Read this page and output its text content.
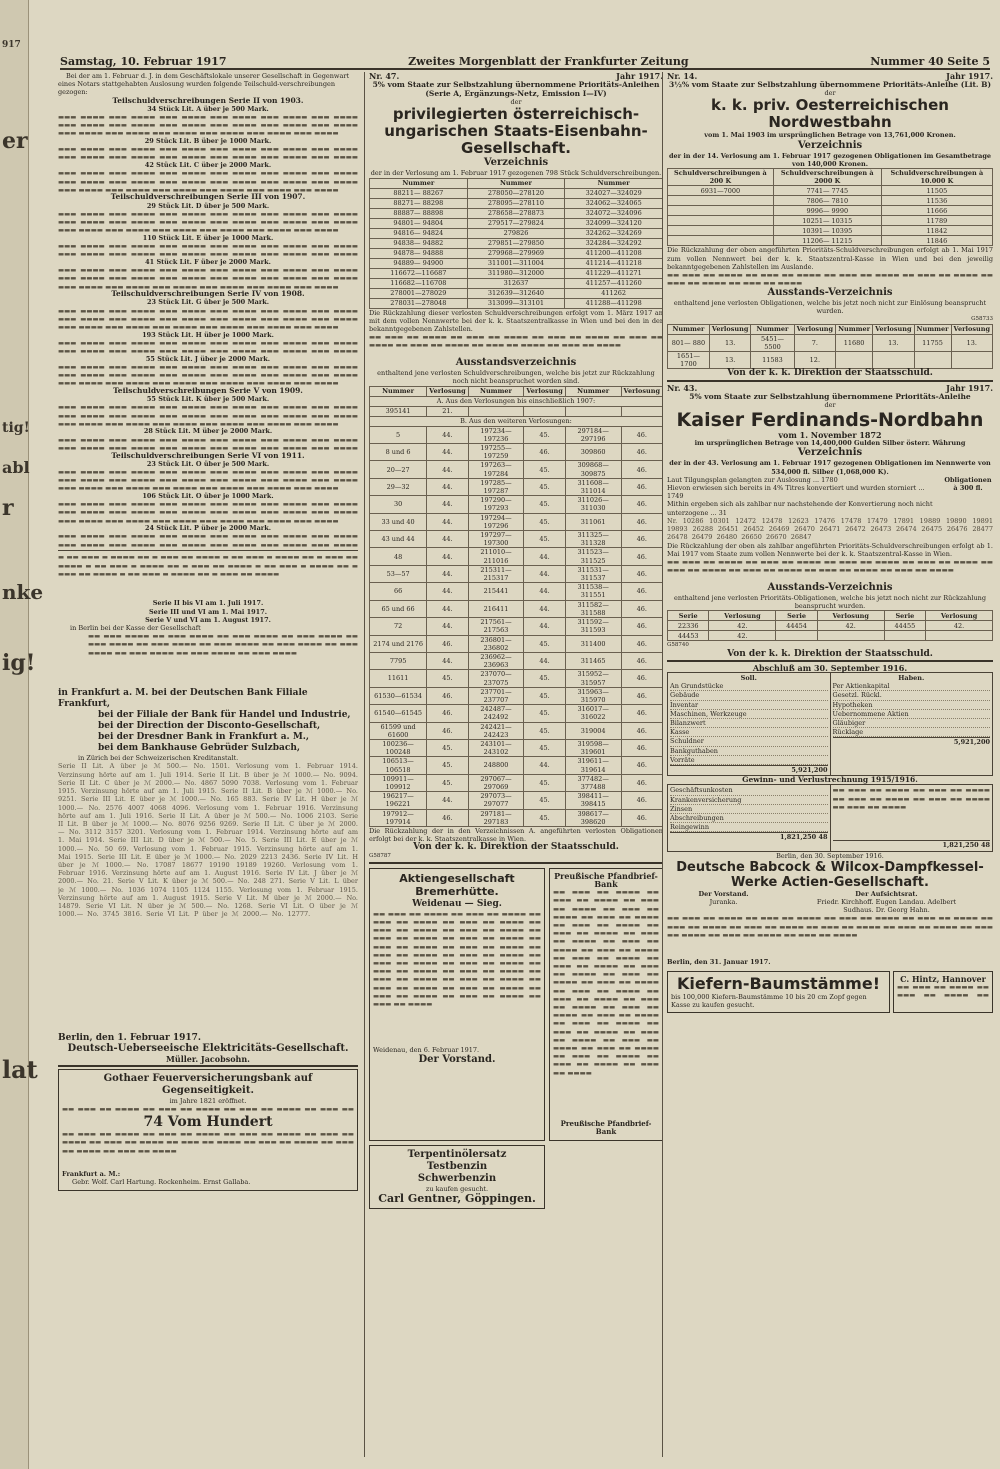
917
er
tig!
abl
r
nke
ig!
lat
Samstag, 10. Februar 1917	Zweites Morgenblatt der Frankfurter Zeitung	Nummer 40 Seite 5
Bei der am 1. Februar d. J. in dem Geschäftslokale unserer Gesellschaft in Gegenwart eines Notars stattgehabten Auslosung wurden folgende Teilschuld-verschreibungen gezogen:
Teilschuldverschreibungen Serie II von 1903.
34 Stück Lit. A über je 500 Mark.
▬▬▬ ▬▬▬▬ ▬▬▬ ▬▬▬▬ ▬▬▬ ▬▬▬▬ ▬▬▬ ▬▬▬▬ ▬▬▬ ▬▬▬▬ ▬▬▬ ▬▬▬▬ ▬▬▬ ▬▬▬▬ ▬▬▬ ▬▬▬▬ ▬▬▬ ▬▬▬▬ ▬▬▬ ▬▬▬▬ ▬▬▬ ▬▬▬▬ ▬▬▬ ▬▬▬▬ ▬▬▬ ▬▬▬▬ ▬▬▬ ▬▬▬▬ ▬▬▬ ▬▬▬▬ ▬▬▬ ▬▬▬▬ ▬▬▬ ▬▬▬▬ ▬▬▬ ▬▬▬▬
29 Stück Lit. B über je 1000 Mark.
▬▬▬ ▬▬▬▬ ▬▬▬ ▬▬▬▬ ▬▬▬ ▬▬▬▬ ▬▬▬ ▬▬▬▬ ▬▬▬ ▬▬▬▬ ▬▬▬ ▬▬▬▬ ▬▬▬ ▬▬▬▬ ▬▬▬ ▬▬▬▬ ▬▬▬ ▬▬▬▬ ▬▬▬ ▬▬▬▬ ▬▬▬ ▬▬▬▬ ▬▬▬ ▬▬▬▬
42 Stück Lit. C über je 2000 Mark.
▬▬▬ ▬▬▬▬ ▬▬▬ ▬▬▬▬ ▬▬▬ ▬▬▬▬ ▬▬▬ ▬▬▬▬ ▬▬▬ ▬▬▬▬ ▬▬▬ ▬▬▬▬ ▬▬▬ ▬▬▬▬ ▬▬▬ ▬▬▬▬ ▬▬▬ ▬▬▬▬ ▬▬▬ ▬▬▬▬ ▬▬▬ ▬▬▬▬ ▬▬▬ ▬▬▬▬ ▬▬▬ ▬▬▬▬ ▬▬▬ ▬▬▬▬ ▬▬▬ ▬▬▬▬ ▬▬▬ ▬▬▬▬ ▬▬▬ ▬▬▬▬ ▬▬▬ ▬▬▬▬
Teilschuldverschreibungen Serie III von 1907.
29 Stück Lit. D über je 500 Mark.
▬▬▬ ▬▬▬▬ ▬▬▬ ▬▬▬▬ ▬▬▬ ▬▬▬▬ ▬▬▬ ▬▬▬▬ ▬▬▬ ▬▬▬▬ ▬▬▬ ▬▬▬▬ ▬▬▬ ▬▬▬▬ ▬▬▬ ▬▬▬▬ ▬▬▬ ▬▬▬▬ ▬▬▬ ▬▬▬▬ ▬▬▬ ▬▬▬▬ ▬▬▬ ▬▬▬▬ ▬▬▬ ▬▬▬▬ ▬▬▬ ▬▬▬▬ ▬▬▬ ▬▬▬▬ ▬▬▬ ▬▬▬▬ ▬▬▬ ▬▬▬▬ ▬▬▬ ▬▬▬▬
110 Stück Lit. E über je 1000 Mark.
▬▬▬ ▬▬▬▬ ▬▬▬ ▬▬▬▬ ▬▬▬ ▬▬▬▬ ▬▬▬ ▬▬▬▬ ▬▬▬ ▬▬▬▬ ▬▬▬ ▬▬▬▬ ▬▬▬ ▬▬▬▬ ▬▬▬ ▬▬▬▬ ▬▬▬ ▬▬▬▬ ▬▬▬ ▬▬▬▬ ▬▬▬ ▬▬▬▬ ▬▬▬ ▬▬▬▬
41 Stück Lit. F über je 2000 Mark.
▬▬▬ ▬▬▬▬ ▬▬▬ ▬▬▬▬ ▬▬▬ ▬▬▬▬ ▬▬▬ ▬▬▬▬ ▬▬▬ ▬▬▬▬ ▬▬▬ ▬▬▬▬ ▬▬▬ ▬▬▬▬ ▬▬▬ ▬▬▬▬ ▬▬▬ ▬▬▬▬ ▬▬▬ ▬▬▬▬ ▬▬▬ ▬▬▬▬ ▬▬▬ ▬▬▬▬ ▬▬▬ ▬▬▬▬ ▬▬▬ ▬▬▬▬ ▬▬▬ ▬▬▬▬ ▬▬▬ ▬▬▬▬ ▬▬▬ ▬▬▬▬ ▬▬▬ ▬▬▬▬
Teilschuldverschreibungen Serie IV von 1908.
23 Stück Lit. G über je 500 Mark.
▬▬▬ ▬▬▬▬ ▬▬▬ ▬▬▬▬ ▬▬▬ ▬▬▬▬ ▬▬▬ ▬▬▬▬ ▬▬▬ ▬▬▬▬ ▬▬▬ ▬▬▬▬ ▬▬▬ ▬▬▬▬ ▬▬▬ ▬▬▬▬ ▬▬▬ ▬▬▬▬ ▬▬▬ ▬▬▬▬ ▬▬▬ ▬▬▬▬ ▬▬▬ ▬▬▬▬ ▬▬▬ ▬▬▬▬ ▬▬▬ ▬▬▬▬ ▬▬▬ ▬▬▬▬ ▬▬▬ ▬▬▬▬ ▬▬▬ ▬▬▬▬ ▬▬▬ ▬▬▬▬
193 Stück Lit. H über je 1000 Mark.
▬▬▬ ▬▬▬▬ ▬▬▬ ▬▬▬▬ ▬▬▬ ▬▬▬▬ ▬▬▬ ▬▬▬▬ ▬▬▬ ▬▬▬▬ ▬▬▬ ▬▬▬▬ ▬▬▬ ▬▬▬▬ ▬▬▬ ▬▬▬▬ ▬▬▬ ▬▬▬▬ ▬▬▬ ▬▬▬▬ ▬▬▬ ▬▬▬▬ ▬▬▬ ▬▬▬▬
55 Stück Lit. J über je 2000 Mark.
▬▬▬ ▬▬▬▬ ▬▬▬ ▬▬▬▬ ▬▬▬ ▬▬▬▬ ▬▬▬ ▬▬▬▬ ▬▬▬ ▬▬▬▬ ▬▬▬ ▬▬▬▬ ▬▬▬ ▬▬▬▬ ▬▬▬ ▬▬▬▬ ▬▬▬ ▬▬▬▬ ▬▬▬ ▬▬▬▬ ▬▬▬ ▬▬▬▬ ▬▬▬ ▬▬▬▬ ▬▬▬ ▬▬▬▬ ▬▬▬ ▬▬▬▬ ▬▬▬ ▬▬▬▬ ▬▬▬ ▬▬▬▬ ▬▬▬ ▬▬▬▬ ▬▬▬ ▬▬▬▬
Teilschuldverschreibungen Serie V von 1909.
55 Stück Lit. K über je 500 Mark.
▬▬▬ ▬▬▬▬ ▬▬▬ ▬▬▬▬ ▬▬▬ ▬▬▬▬ ▬▬▬ ▬▬▬▬ ▬▬▬ ▬▬▬▬ ▬▬▬ ▬▬▬▬ ▬▬▬ ▬▬▬▬ ▬▬▬ ▬▬▬▬ ▬▬▬ ▬▬▬▬ ▬▬▬ ▬▬▬▬ ▬▬▬ ▬▬▬▬ ▬▬▬ ▬▬▬▬ ▬▬▬ ▬▬▬▬ ▬▬▬ ▬▬▬▬ ▬▬▬ ▬▬▬▬ ▬▬▬ ▬▬▬▬ ▬▬▬ ▬▬▬▬ ▬▬▬ ▬▬▬▬
28 Stück Lit. M über je 2000 Mark.
▬▬▬ ▬▬▬▬ ▬▬▬ ▬▬▬▬ ▬▬▬ ▬▬▬▬ ▬▬▬ ▬▬▬▬ ▬▬▬ ▬▬▬▬ ▬▬▬ ▬▬▬▬ ▬▬▬ ▬▬▬▬ ▬▬▬ ▬▬▬▬ ▬▬▬ ▬▬▬▬ ▬▬▬ ▬▬▬▬ ▬▬▬ ▬▬▬▬ ▬▬▬ ▬▬▬▬
Teilschuldverschreibungen Serie VI von 1911.
23 Stück Lit. O über je 500 Mark.
▬▬▬ ▬▬▬▬ ▬▬▬ ▬▬▬▬ ▬▬▬ ▬▬▬▬ ▬▬▬ ▬▬▬▬ ▬▬▬ ▬▬▬▬ ▬▬▬ ▬▬▬▬ ▬▬▬ ▬▬▬▬ ▬▬▬ ▬▬▬▬ ▬▬▬ ▬▬▬▬ ▬▬▬ ▬▬▬▬ ▬▬▬ ▬▬▬▬ ▬▬▬ ▬▬▬▬ ▬▬▬ ▬▬▬▬ ▬▬▬ ▬▬▬▬ ▬▬▬ ▬▬▬▬ ▬▬▬ ▬▬▬▬ ▬▬▬ ▬▬▬▬ ▬▬▬ ▬▬▬▬
106 Stück Lit. O über je 1000 Mark.
▬▬▬ ▬▬▬▬ ▬▬▬ ▬▬▬▬ ▬▬▬ ▬▬▬▬ ▬▬▬ ▬▬▬▬ ▬▬▬ ▬▬▬▬ ▬▬▬ ▬▬▬▬ ▬▬▬ ▬▬▬▬ ▬▬▬ ▬▬▬▬ ▬▬▬ ▬▬▬▬ ▬▬▬ ▬▬▬▬ ▬▬▬ ▬▬▬▬ ▬▬▬ ▬▬▬▬ ▬▬▬ ▬▬▬▬ ▬▬▬ ▬▬▬▬ ▬▬▬ ▬▬▬▬ ▬▬▬ ▬▬▬▬ ▬▬▬ ▬▬▬▬ ▬▬▬ ▬▬▬▬
24 Stück Lit. P über je 2000 Mark.
▬▬▬ ▬▬▬▬ ▬▬▬ ▬▬▬▬ ▬▬▬ ▬▬▬▬ ▬▬▬ ▬▬▬▬ ▬▬▬ ▬▬▬▬ ▬▬▬ ▬▬▬▬ ▬▬▬ ▬▬▬▬ ▬▬▬ ▬▬▬▬ ▬▬▬ ▬▬▬▬ ▬▬▬ ▬▬▬▬ ▬▬▬ ▬▬▬▬ ▬▬▬ ▬▬▬▬
▬ ▬▬ ▬▬▬ ▬ ▬▬▬▬ ▬▬ ▬ ▬▬▬ ▬▬ ▬▬▬▬ ▬ ▬▬ ▬▬▬ ▬ ▬▬▬▬ ▬▬ ▬ ▬▬▬ ▬▬ ▬▬▬▬ ▬ ▬▬ ▬▬▬ ▬ ▬▬▬▬ ▬▬ ▬ ▬▬▬ ▬▬ ▬▬▬▬ ▬ ▬▬ ▬▬▬ ▬ ▬▬▬▬ ▬▬ ▬ ▬▬▬ ▬▬ ▬▬▬▬ ▬ ▬▬ ▬▬▬ ▬ ▬▬▬▬ ▬▬ ▬ ▬▬▬ ▬▬ ▬▬▬▬
Serie II bis VI am 1. Juli 1917.
Serie III und VI am 1. Mai 1917.
Serie V und VI am 1. August 1917.
in Berlin bei der Kasse der Gesellschaft
▬▬ ▬▬▬ ▬▬▬▬ ▬▬ ▬▬▬ ▬▬▬▬ ▬▬ ▬▬▬ ▬▬▬▬ ▬▬ ▬▬▬ ▬▬▬▬ ▬▬ ▬▬▬ ▬▬▬▬ ▬▬ ▬▬▬ ▬▬▬▬ ▬▬ ▬▬▬ ▬▬▬▬ ▬▬ ▬▬▬ ▬▬▬▬ ▬▬ ▬▬▬ ▬▬▬▬ ▬▬ ▬▬▬ ▬▬▬▬ ▬▬ ▬▬▬ ▬▬▬▬ ▬▬ ▬▬▬ ▬▬▬▬
in Frankfurt a. M. bei der Deutschen Bank Filiale Frankfurt,
bei der Filiale der Bank für Handel und Industrie,
bei der Direction der Disconto-Gesellschaft,
bei der Dresdner Bank in Frankfurt a. M.,
bei dem Bankhause Gebrüder Sulzbach,
in Zürich bei der Schweizerischen Kreditanstalt.
Serie II Lit. A über je ℳ 500.— No. 1501. Verlosung vom 1. Februar 1914. Verzinsung hörte auf am 1. Juli 1914. Serie II Lit. B über je ℳ 1000.— No. 9094. Serie II Lit. C über je ℳ 2000.— No. 4867 5090 7038. Verlosung vom 1. Februar 1915. Verzinsung hörte auf am 1. Juli 1915. Serie II Lit. B über je ℳ 1000.— No. 9251. Serie III Lit. E über je ℳ 1000.— No. 165 883. Serie IV Lit. H über je ℳ 1000.— No. 2576 4007 4068 4096. Verlosung vom 1. Februar 1916. Verzinsung hörte auf am 1. Juli 1916. Serie II Lit. A über je ℳ 500.— No. 1006 2103. Serie II Lit. B über je ℳ 1000.— No. 8076 9256 9269. Serie II Lit. C über je ℳ 2000.— No. 3112 3157 3201. Verlosung vom 1. Februar 1914. Verzinsung hörte auf am 1. Mai 1914. Serie III Lit. D über je ℳ 500.— No. 5. Serie III Lit. E über je ℳ 1000.— No. 50 69. Verlosung vom 1. Februar 1915. Verzinsung hörte auf am 1. Mai 1915. Serie III Lit. E über je ℳ 1000.— No. 2029 2213 2436. Serie IV Lit. H über je ℳ 1000.— No. 17087 18677 19190 19189 19260. Verlosung vom 1. Februar 1916. Verzinsung hörte auf am 1. August 1916. Serie IV Lit. J über je ℳ 2000.— No. 21. Serie V Lit. K über je ℳ 500.— No. 248 271. Serie V Lit. L über je ℳ 1000.— No. 1036 1074 1105 1124 1155. Verlosung vom 1. Februar 1915. Verzinsung hörte auf am 1. August 1915. Serie V Lit. M über je ℳ 2000.— No. 14879. Serie VI Lit. N über je ℳ 500.— No. 1268. Serie VI Lit. O über je ℳ 1000.— No. 3745 3816. Serie VI Lit. P über je ℳ 2000.— No. 12777.
Berlin, den 1. Februar 1917.
Deutsch-Ueberseeische Elektricitäts-Gesellschaft.
Müller. Jacobsohn.
Gothaer Feuerversicherungsbank auf Gegenseitigkeit.
im Jahre 1821 eröffnet.
▬▬ ▬▬▬ ▬▬ ▬▬▬▬ ▬▬ ▬▬▬ ▬▬ ▬▬▬▬ ▬▬ ▬▬▬ ▬▬ ▬▬▬▬ ▬▬ ▬▬▬ ▬▬
74 Vom Hundert
▬▬ ▬▬▬ ▬▬ ▬▬▬▬ ▬▬ ▬▬▬ ▬▬ ▬▬▬▬ ▬▬ ▬▬▬ ▬▬ ▬▬▬▬ ▬▬ ▬▬▬ ▬▬ ▬▬▬▬ ▬▬ ▬▬▬ ▬▬ ▬▬▬▬ ▬▬ ▬▬▬ ▬▬ ▬▬▬▬ ▬▬ ▬▬▬ ▬▬ ▬▬▬▬ ▬▬ ▬▬▬ ▬▬ ▬▬▬▬ ▬▬ ▬▬▬ ▬▬ ▬▬▬▬
Frankfurt a. M.:
Gebr. Wolf. Carl Hartung. Rockenheim. Ernst Gallaba.
Nr. 47.	Jahr 1917.
5% vom Staate zur Selbstzahlung übernommene Prioritäts-Anleihen (Serie A, Ergänzungs-Netz, Emission I—IV)
der
privilegierten österreichisch-ungarischen Staats-Eisenbahn-Gesellschaft.
Verzeichnis
der in der Verlosung am 1. Februar 1917 gezogenen 798 Stück Schuldverschreibungen.
Nummer	Nummer	Nummer
88211— 88267	278050—278120	324027—324029
88271— 88298	278095—278110	324062—324065
88887— 88898	278658—278873	324072—324096
94801— 94804	279517—279824	324099—324120
94816— 94824	279826	324262—324269
94838— 94882	279851—279850	324284—324292
94878— 94888	279968—279969	411200—411208
94889— 94900	311001—311004	411214—411218
116672—116687	311980—312000	411229—411271
116682—116708	312637	411257—411260
278001—278029	312639—312640	411262
278031—278048	313099—313101	411288—411298
Die Rückzahlung dieser verlosten Schuldverschreibungen erfolgt vom 1. März 1917 an mit dem vollen Nennwerte bei der k. k. Staatszentralkasse in Wien und bei den in der bekanntgegebenen Zahlstellen.
▬▬ ▬▬▬ ▬▬ ▬▬▬▬ ▬▬ ▬▬▬ ▬▬ ▬▬▬▬ ▬▬ ▬▬▬ ▬▬ ▬▬▬▬ ▬▬ ▬▬▬ ▬▬ ▬▬▬▬ ▬▬ ▬▬▬ ▬▬ ▬▬▬▬ ▬▬ ▬▬▬ ▬▬ ▬▬▬▬ ▬▬ ▬▬▬ ▬▬ ▬▬▬▬
Ausstandsverzeichnis
enthaltend jene verlosten Schuldverschreibungen, welche bis jetzt zur Rückzahlung noch nicht beanspruchet worden sind.
Nummer	Verlosung	Nummer	Verlosung	Nummer	Verlosung
A. Aus den Verlosungen bis einschließlich 1907:					
395141	21.				
B. Aus den weiteren Verlosungen:					
5	44.	197234—197236	45.	297184—297196	46.
8 und 6	44.	197255—197259	46.	309860	46.
20—27	44.	197263—197284	45.	309868—309875	46.
29—32	44.	197285—197287	45.	311608—311014	46.
30	44.	197290—197293	45.	311026—311030	46.
33 und 40	44.	197294—197296	45.	311061	46.
43 und 44	44.	197297—197300	45.	311325—311328	46.
48	44.	211010—211016	44.	311523—311525	46.
53—57	44.	215311—215317	44.	311531—311537	46.
66	44.	215441	44.	311538—311551	46.
65 und 66	44.	216411	44.	311582—311588	46.
72	44.	217561—217563	44.	311592—311593	46.
2174 und 2176	46.	236801—236802	45.	311400	46.
7795	44.	236962—236963	44.	311465	46.
11611	45.	237070—237075	45.	315952—315957	46.
61530—61534	46.	237701—237707	45.	315963—315970	46.
61540—61545	46.	242487—242492	45.	316017—316022	46.
61599 und 61600	46.	242421—242423	45.	319004	46.
100236—100248	45.	243101—243102	45.	319598—319601	46.
106513—106518	45.	248800	44.	319611—319614	46.
109911—109912	45.	297067—297069	45.	377482—377488	46.
196217—196221	44.	297073—297077	45.	398411—398415	46.
197912—197914	46.	297181—297183	45.	398617—398620	46.
Die Rückzahlung der in den Verzeichnissen A. angeführten verlosten Obligationen erfolgt bei der k. k. Staatszentralkasse in Wien.
Von der k. k. Direktion der Staatsschuld.
G58787
Aktiengesellschaft Bremerhütte.
Weidenau — Sieg.
▬▬ ▬▬▬ ▬▬ ▬▬▬▬ ▬▬ ▬▬▬ ▬▬ ▬▬▬▬ ▬▬ ▬▬▬ ▬▬ ▬▬▬▬ ▬▬ ▬▬▬ ▬▬ ▬▬▬▬ ▬▬ ▬▬▬ ▬▬ ▬▬▬▬ ▬▬ ▬▬▬ ▬▬ ▬▬▬▬ ▬▬ ▬▬▬ ▬▬ ▬▬▬▬ ▬▬ ▬▬▬ ▬▬ ▬▬▬▬ ▬▬ ▬▬▬ ▬▬ ▬▬▬▬ ▬▬ ▬▬▬ ▬▬ ▬▬▬▬ ▬▬ ▬▬▬ ▬▬ ▬▬▬▬ ▬▬ ▬▬▬ ▬▬ ▬▬▬▬ ▬▬ ▬▬▬ ▬▬ ▬▬▬▬ ▬▬ ▬▬▬ ▬▬ ▬▬▬▬ ▬▬ ▬▬▬ ▬▬ ▬▬▬▬ ▬▬ ▬▬▬ ▬▬ ▬▬▬▬ ▬▬ ▬▬▬ ▬▬ ▬▬▬▬ ▬▬ ▬▬▬ ▬▬ ▬▬▬▬ ▬▬ ▬▬▬ ▬▬ ▬▬▬▬ ▬▬ ▬▬▬ ▬▬ ▬▬▬▬ ▬▬ ▬▬▬ ▬▬ ▬▬▬▬ ▬▬ ▬▬▬ ▬▬ ▬▬▬▬ ▬▬ ▬▬▬ ▬▬ ▬▬▬▬
Weidenau, den 6. Februar 1917.
Der Vorstand.
Preußische Pfandbrief-Bank
▬▬ ▬▬▬ ▬▬ ▬▬▬▬ ▬▬ ▬▬▬ ▬▬ ▬▬▬▬ ▬▬ ▬▬▬ ▬▬ ▬▬▬▬ ▬▬ ▬▬▬ ▬▬ ▬▬▬▬ ▬▬ ▬▬▬ ▬▬ ▬▬▬▬ ▬▬ ▬▬▬ ▬▬ ▬▬▬▬ ▬▬ ▬▬▬ ▬▬ ▬▬▬▬ ▬▬ ▬▬▬ ▬▬ ▬▬▬▬ ▬▬ ▬▬▬ ▬▬ ▬▬▬▬ ▬▬ ▬▬▬ ▬▬ ▬▬▬▬ ▬▬ ▬▬▬ ▬▬ ▬▬▬▬ ▬▬ ▬▬▬ ▬▬ ▬▬▬▬ ▬▬ ▬▬▬ ▬▬ ▬▬▬▬ ▬▬ ▬▬▬ ▬▬ ▬▬▬▬ ▬▬ ▬▬▬ ▬▬ ▬▬▬▬ ▬▬ ▬▬▬ ▬▬ ▬▬▬▬ ▬▬ ▬▬▬ ▬▬ ▬▬▬▬ ▬▬ ▬▬▬ ▬▬ ▬▬▬▬ ▬▬ ▬▬▬ ▬▬ ▬▬▬▬ ▬▬ ▬▬▬ ▬▬ ▬▬▬▬ ▬▬ ▬▬▬ ▬▬ ▬▬▬▬ ▬▬ ▬▬▬ ▬▬ ▬▬▬▬ ▬▬ ▬▬▬ ▬▬ ▬▬▬▬ ▬▬ ▬▬▬ ▬▬ ▬▬▬▬ ▬▬ ▬▬▬ ▬▬ ▬▬▬▬ ▬▬ ▬▬▬ ▬▬ ▬▬▬▬ ▬▬ ▬▬▬ ▬▬ ▬▬▬▬ ▬▬ ▬▬▬ ▬▬ ▬▬▬▬
Preußische Pfandbrief-Bank
Terpentinölersatz
Testbenzin
Schwerbenzin
zu kaufen gesucht.
Carl Gentner, Göppingen.
Nr. 14.	Jahr 1917.
3½% vom Staate zur Selbstzahlung übernommene Prioritäts-Anleihe (Lit. B)
der
k. k. priv. Oesterreichischen Nordwestbahn
vom 1. Mai 1903 im ursprünglichen Betrage von 13,761,000 Kronen.
Verzeichnis
der in der 14. Verlosung am 1. Februar 1917 gezogenen Obligationen im Gesamtbetrage von 140,000 Kronen.
Schuldverschreibungen à 200 K	Schuldverschreibungen à 2000 K	Schuldverschreibungen à 10.000 K
6931—7000	7741— 7745	11505
	7806— 7810	11536
	9996— 9990	11666
	10251— 10315	11789
	10391— 10395	11842
	11206— 11215	11846
Die Rückzahlung der oben angeführten Prioritäts-Schuldverschreibungen erfolgt ab 1. Mai 1917 zum vollen Nennwert bei der k. k. Staatszentral-Kasse in Wien und bei den jeweilig bekanntgegebenen Zahlstellen im Auslande.
▬▬ ▬▬▬ ▬▬ ▬▬▬▬ ▬▬ ▬▬▬ ▬▬ ▬▬▬▬ ▬▬ ▬▬▬ ▬▬ ▬▬▬▬ ▬▬ ▬▬▬ ▬▬ ▬▬▬▬ ▬▬ ▬▬▬ ▬▬ ▬▬▬▬ ▬▬ ▬▬▬ ▬▬ ▬▬▬▬
Ausstands-Verzeichnis
enthaltend jene verlosten Obligationen, welche bis jetzt noch nicht zur Einlösung beansprucht wurden.
G58733
Nummer	Verlosung	Nummer	Verlosung	Nummer	Verlosung	Nummer	Verlosung
801— 880	13.	5451— 5500	7.	11680	13.	11755	13.
1651—1700	13.	11583	12.				
Von der k. k. Direktion der Staatsschuld.
Nr. 43.	Jahr 1917.
5% vom Staate zur Selbstzahlung übernommene Prioritäts-Anleihe
der
Kaiser Ferdinands-Nordbahn
vom 1. November 1872
im ursprünglichen Betrage von 14,400,000 Gulden Silber österr. Währung
Verzeichnis
der in der 43. Verlosung am 1. Februar 1917 gezogenen Obligationen im Nennwerte von 534,000 fl. Silber (1,068,000 K).
Laut Tilgungsplan gelangten zur Auslosung ... 1780
Hievon erwiesen sich bereits in 4% Titres konvertiert und wurden storniert ... 1749
Mithin ergeben sich als zahlbar nur nachstehende der Konvertierung noch nicht unterzogene ... 31
Obligationen à 300 fl.
Nr. 10286 10301 12472 12478 12623 17476 17478 17479 17891 19889 19890 19891 19893 26288 26451 26452 26469 26470 26471 26472 26473 26474 26475 26476 28477 26478 26479 26480 26650 26670 26847
Die Rückzahlung der oben als zahlbar angeführten Prioritäts-Schuldverschreibungen erfolgt ab 1. Mai 1917 vom Staate zum vollen Nennwerte bei der k. k. Staatszentral-Kasse in Wien.
▬▬ ▬▬▬ ▬▬ ▬▬▬▬ ▬▬ ▬▬▬ ▬▬ ▬▬▬▬ ▬▬ ▬▬▬ ▬▬ ▬▬▬▬ ▬▬ ▬▬▬ ▬▬ ▬▬▬▬ ▬▬ ▬▬▬ ▬▬ ▬▬▬▬ ▬▬ ▬▬▬ ▬▬ ▬▬▬▬ ▬▬ ▬▬▬ ▬▬ ▬▬▬▬ ▬▬ ▬▬▬ ▬▬ ▬▬▬▬
Ausstands-Verzeichnis
enthaltend jene verlosten Prioritäts-Obligationen, welche bis jetzt noch nicht zur Rückzahlung beansprucht wurden.
Serie	Verlosung	Serie	Verlosung	Serie	Verlosung
22336	42.	44454	42.	44455	42.
44453	42.				
G58740
Von der k. k. Direktion der Staatsschuld.
Abschluß am 30. September 1916.
Soll.
An Grundstücke
Gebäude
Inventar
Maschinen, Werkzeuge
Bilanzwert
Kasse
Schuldner
Bankguthaben
Vorräte
5,921,200
Haben.
Per Aktienkapital
Gesetzl. Rückl.
Hypotheken
Uebernommene Aktien
Gläubiger
Rücklage
5,921,200
Gewinn- und Verlustrechnung 1915/1916.
Geschäftsunkosten
Krankenversicherung
Zinsen
Abschreibungen
Reingewinn
1,821,250 48
▬▬ ▬▬▬ ▬▬ ▬▬▬▬ ▬▬ ▬▬▬ ▬▬ ▬▬▬▬ ▬▬ ▬▬▬ ▬▬ ▬▬▬▬ ▬▬ ▬▬▬ ▬▬ ▬▬▬▬ ▬▬ ▬▬▬ ▬▬ ▬▬▬▬
1,821,250 48
Berlin, den 30. September 1916.
Deutsche Babcock & Wilcox-Dampfkessel-Werke Actien-Gesellschaft.
Der Vorstand.
Juranka.
Der Aufsichtsrat.
Friedr. Kirchhoff. Eugen Landau. Adelbert Sudhaus. Dr. Georg Hahn.
▬▬ ▬▬▬ ▬▬ ▬▬▬▬ ▬▬ ▬▬▬ ▬▬ ▬▬▬▬ ▬▬ ▬▬▬ ▬▬ ▬▬▬▬ ▬▬ ▬▬▬ ▬▬ ▬▬▬▬ ▬▬ ▬▬▬ ▬▬ ▬▬▬▬ ▬▬ ▬▬▬ ▬▬ ▬▬▬▬ ▬▬ ▬▬▬ ▬▬ ▬▬▬▬ ▬▬ ▬▬▬ ▬▬ ▬▬▬▬ ▬▬ ▬▬▬ ▬▬ ▬▬▬▬ ▬▬ ▬▬▬ ▬▬ ▬▬▬▬ ▬▬ ▬▬▬ ▬▬ ▬▬▬▬
Berlin, den 31. Januar 1917.
Kiefern-Baumstämme!
bis 100,000 Kiefern-Baumstämme 10 bis 20 cm Zopf gegen Kasse zu kaufen gesucht.
C. Hintz, Hannover
▬▬ ▬▬▬ ▬▬ ▬▬▬▬ ▬▬ ▬▬▬ ▬▬ ▬▬▬▬ ▬▬
